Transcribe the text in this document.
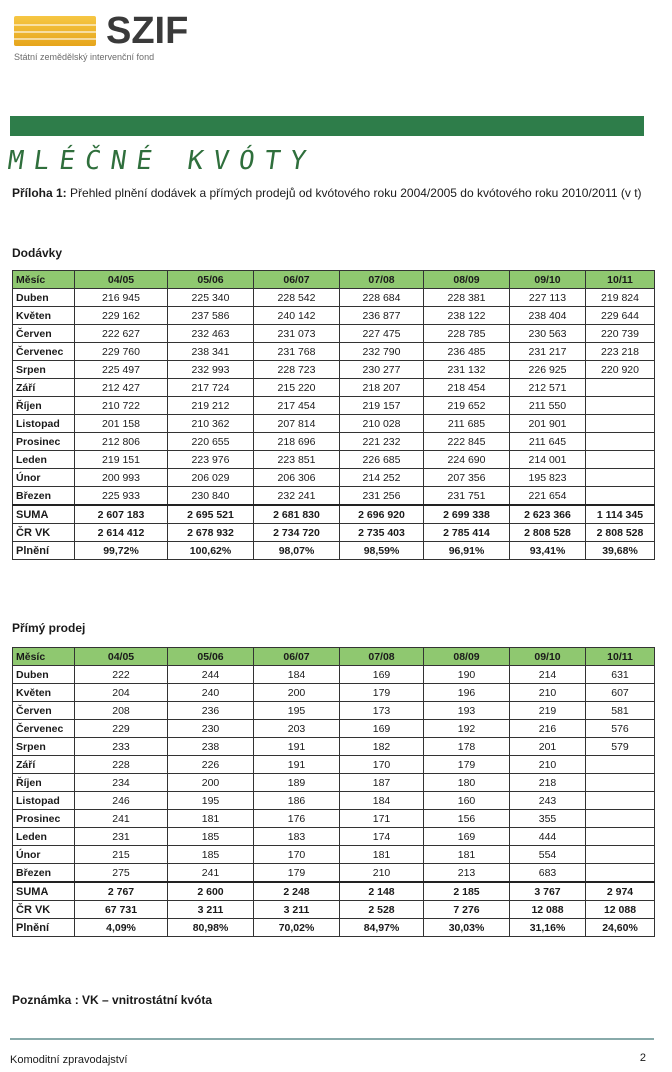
SZIF
Státní zemědělský intervenční fond
MLÉČNÉ KVÓTY
Příloha 1: Přehled plnění dodávek a přímých prodejů od kvótového roku 2004/2005 do kvótového roku 2010/2011 (v t)
Dodávky
Měsíc	04/05	05/06	06/07	07/08	08/09	09/10	10/11
Duben	216 945	225 340	228 542	228 684	228 381	227 113	219 824
Květen	229 162	237 586	240 142	236 877	238 122	238 404	229 644
Červen	222 627	232 463	231 073	227 475	228 785	230 563	220 739
Červenec	229 760	238 341	231 768	232 790	236 485	231 217	223 218
Srpen	225 497	232 993	228 723	230 277	231 132	226 925	220 920
Září	212 427	217 724	215 220	218 207	218 454	212 571	
Říjen	210 722	219 212	217 454	219 157	219 652	211 550	
Listopad	201 158	210 362	207 814	210 028	211 685	201 901	
Prosinec	212 806	220 655	218 696	221 232	222 845	211 645	
Leden	219 151	223 976	223 851	226 685	224 690	214 001	
Únor	200 993	206 029	206 306	214 252	207 356	195 823	
Březen	225 933	230 840	232 241	231 256	231 751	221 654	
SUMA	2 607 183	2 695 521	2 681 830	2 696 920	2 699 338	2 623 366	1 114 345
ČR VK	2 614 412	2 678 932	2 734 720	2 735 403	2 785 414	2 808 528	2 808 528
Plnění	99,72%	100,62%	98,07%	98,59%	96,91%	93,41%	39,68%
Přímý prodej
Měsíc	04/05	05/06	06/07	07/08	08/09	09/10	10/11
Duben	222	244	184	169	190	214	631
Květen	204	240	200	179	196	210	607
Červen	208	236	195	173	193	219	581
Červenec	229	230	203	169	192	216	576
Srpen	233	238	191	182	178	201	579
Září	228	226	191	170	179	210	
Říjen	234	200	189	187	180	218	
Listopad	246	195	186	184	160	243	
Prosinec	241	181	176	171	156	355	
Leden	231	185	183	174	169	444	
Únor	215	185	170	181	181	554	
Březen	275	241	179	210	213	683	
SUMA	2 767	2 600	2 248	2 148	2 185	3 767	2 974
ČR VK	67 731	3 211	3 211	2 528	7 276	12 088	12 088
Plnění	4,09%	80,98%	70,02%	84,97%	30,03%	31,16%	24,60%
Poznámka : VK – vnitrostátní kvóta
Komoditní zpravodajství	2
